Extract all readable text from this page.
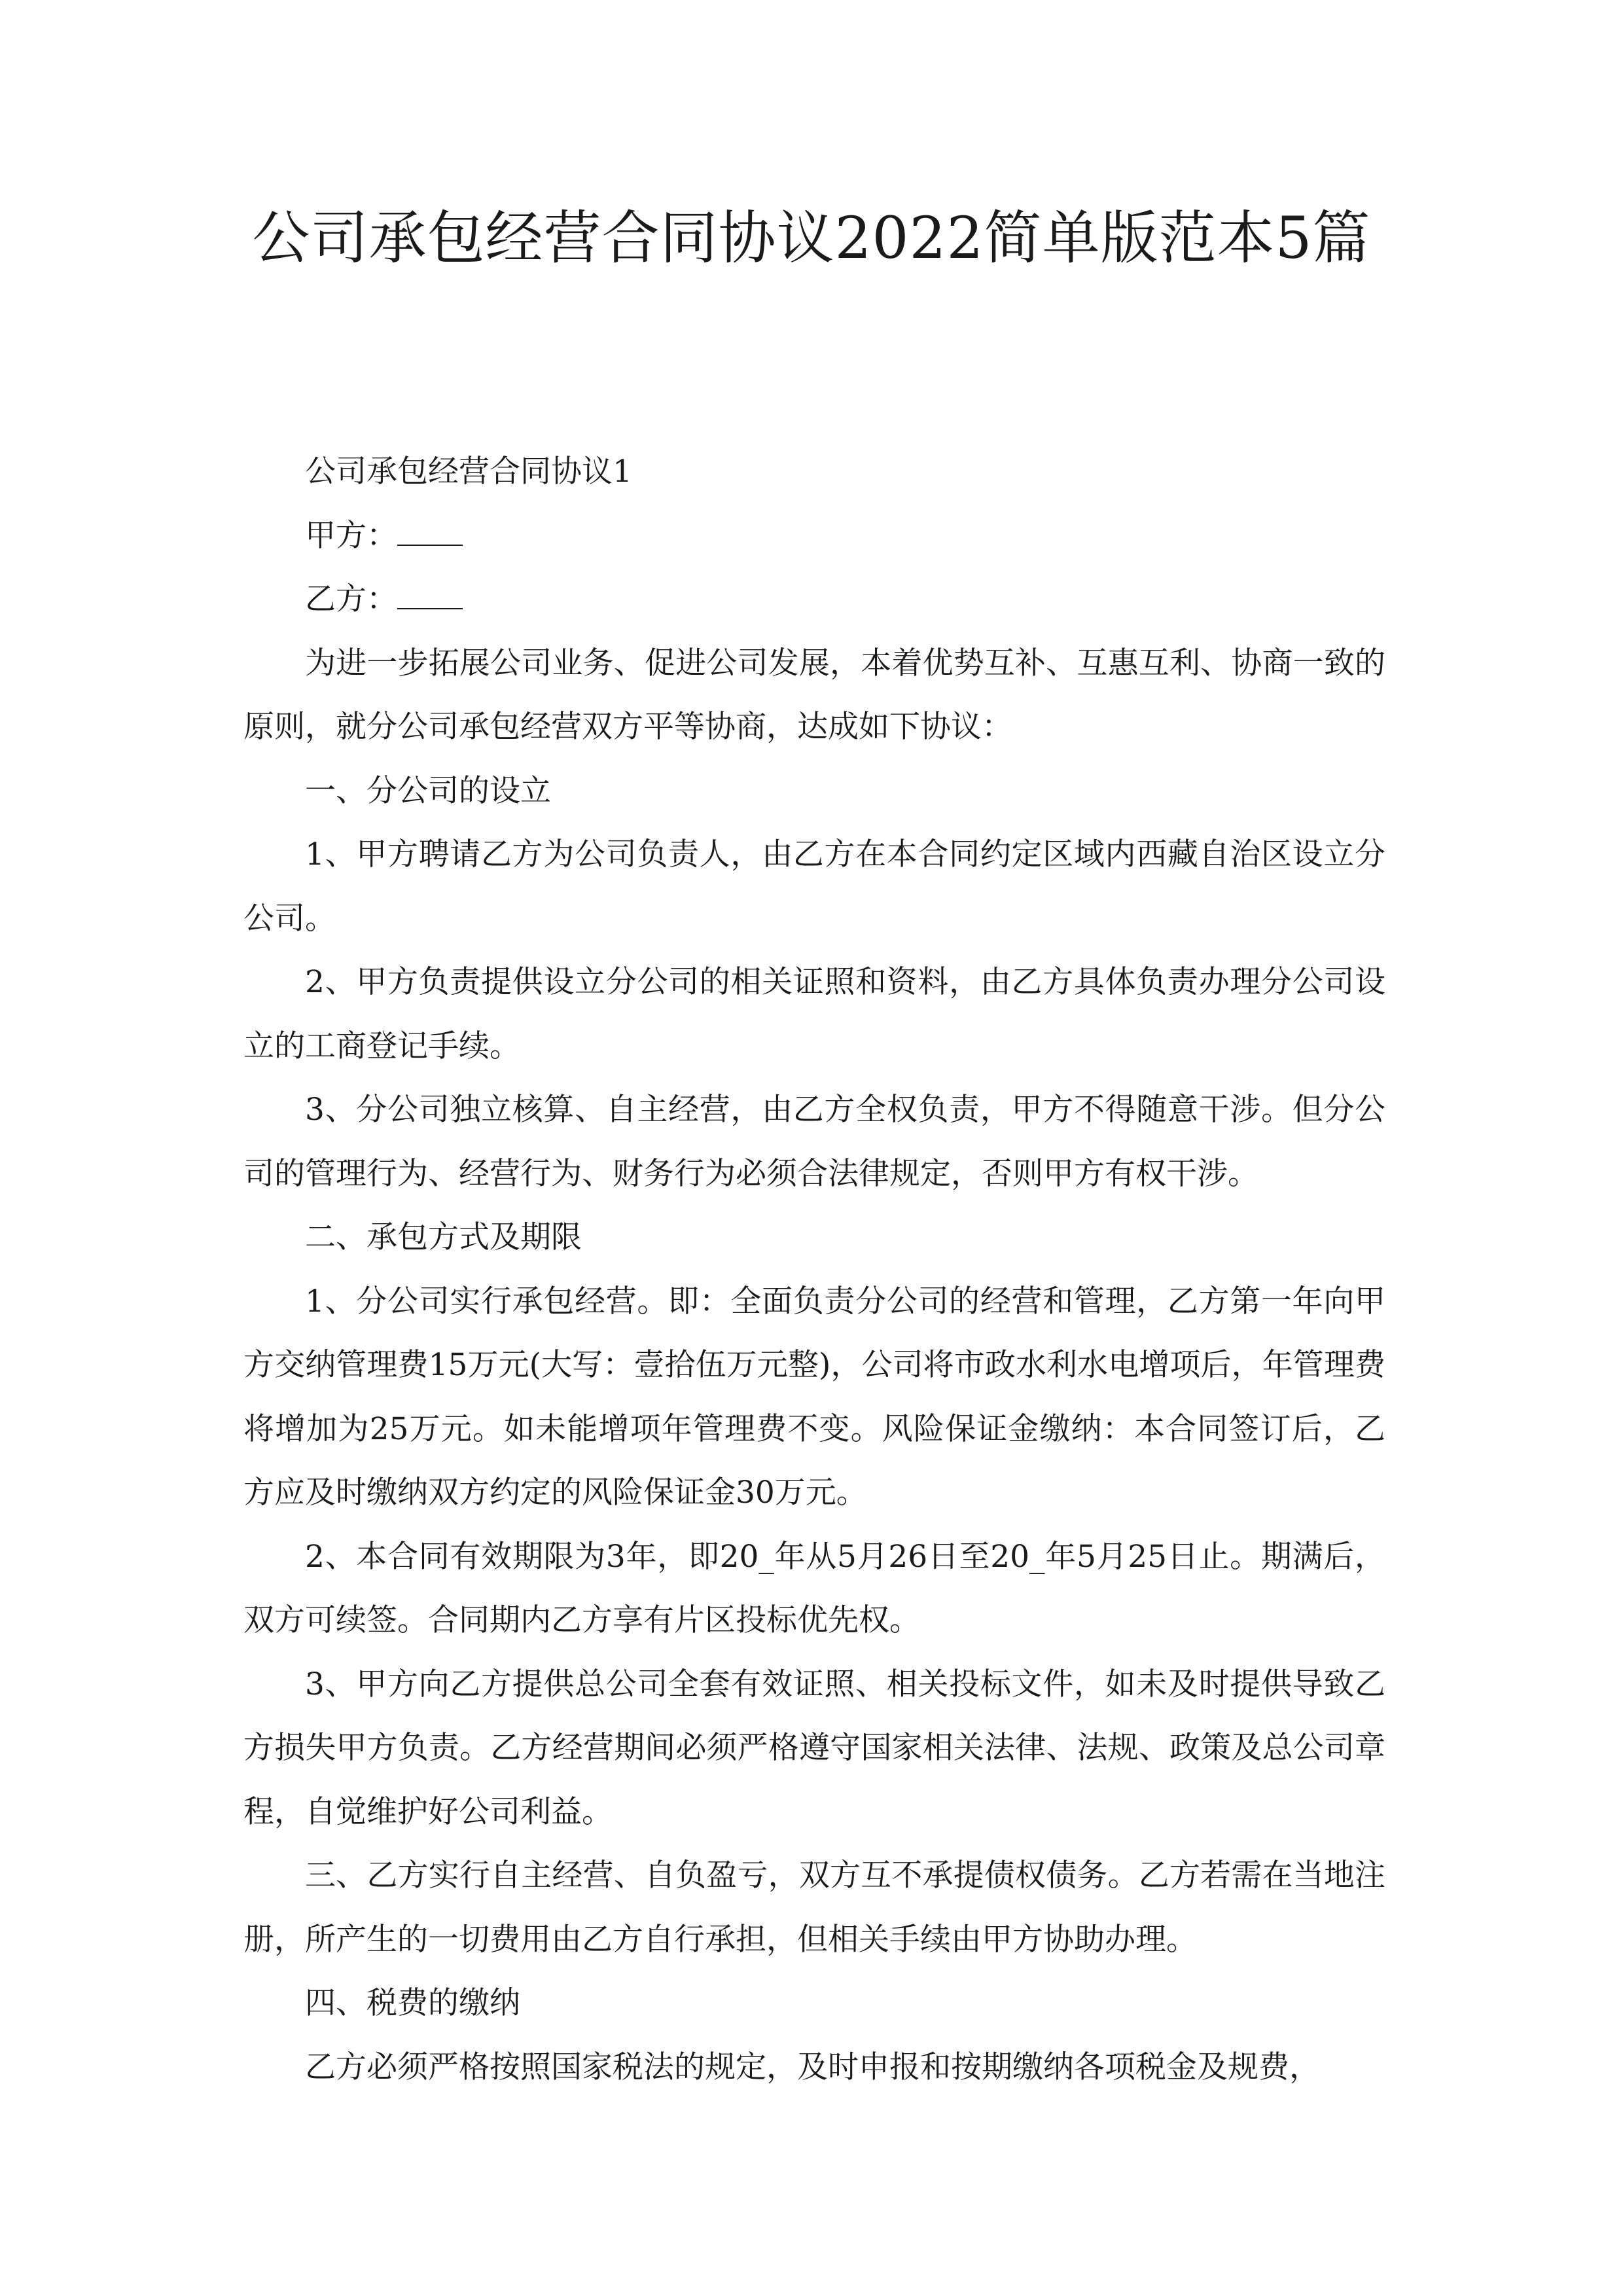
公司承包经营合同协议2022简单版范本5篇

公司承包经营合同协议1

甲方：

乙方：

为进一步拓展公司业务、促进公司发展，本着优势互补、互惠互利、协商一致的原则，就分公司承包经营双方平等协商，达成如下协议：

一、分公司的设立

1、甲方聘请乙方为公司负责人，由乙方在本合同约定区域内西藏自治区设立分公司。

2、甲方负责提供设立分公司的相关证照和资料，由乙方具体负责办理分公司设立的工商登记手续。

3、分公司独立核算、自主经营，由乙方全权负责，甲方不得随意干涉。但分公司的管理行为、经营行为、财务行为必须合法律规定，否则甲方有权干涉。

二、承包方式及期限

1、分公司实行承包经营。即：全面负责分公司的经营和管理，乙方第一年向甲方交纳管理费15万元(大写：壹拾伍万元整)，公司将市政水利水电增项后，年管理费将增加为25万元。如未能增项年管理费不变。风险保证金缴纳：本合同签订后，乙方应及时缴纳双方约定的风险保证金30万元。

2、本合同有效期限为3年，即20_年从5月26日至20_年5月25日止。期满后，双方可续签。合同期内乙方享有片区投标优先权。

3、甲方向乙方提供总公司全套有效证照、相关投标文件，如未及时提供导致乙方损失甲方负责。乙方经营期间必须严格遵守国家相关法律、法规、政策及总公司章程，自觉维护好公司利益。

三、乙方实行自主经营、自负盈亏，双方互不承提债权债务。乙方若需在当地注册，所产生的一切费用由乙方自行承担，但相关手续由甲方协助办理。

四、税费的缴纳

乙方必须严格按照国家税法的规定，及时申报和按期缴纳各项税金及规费，
